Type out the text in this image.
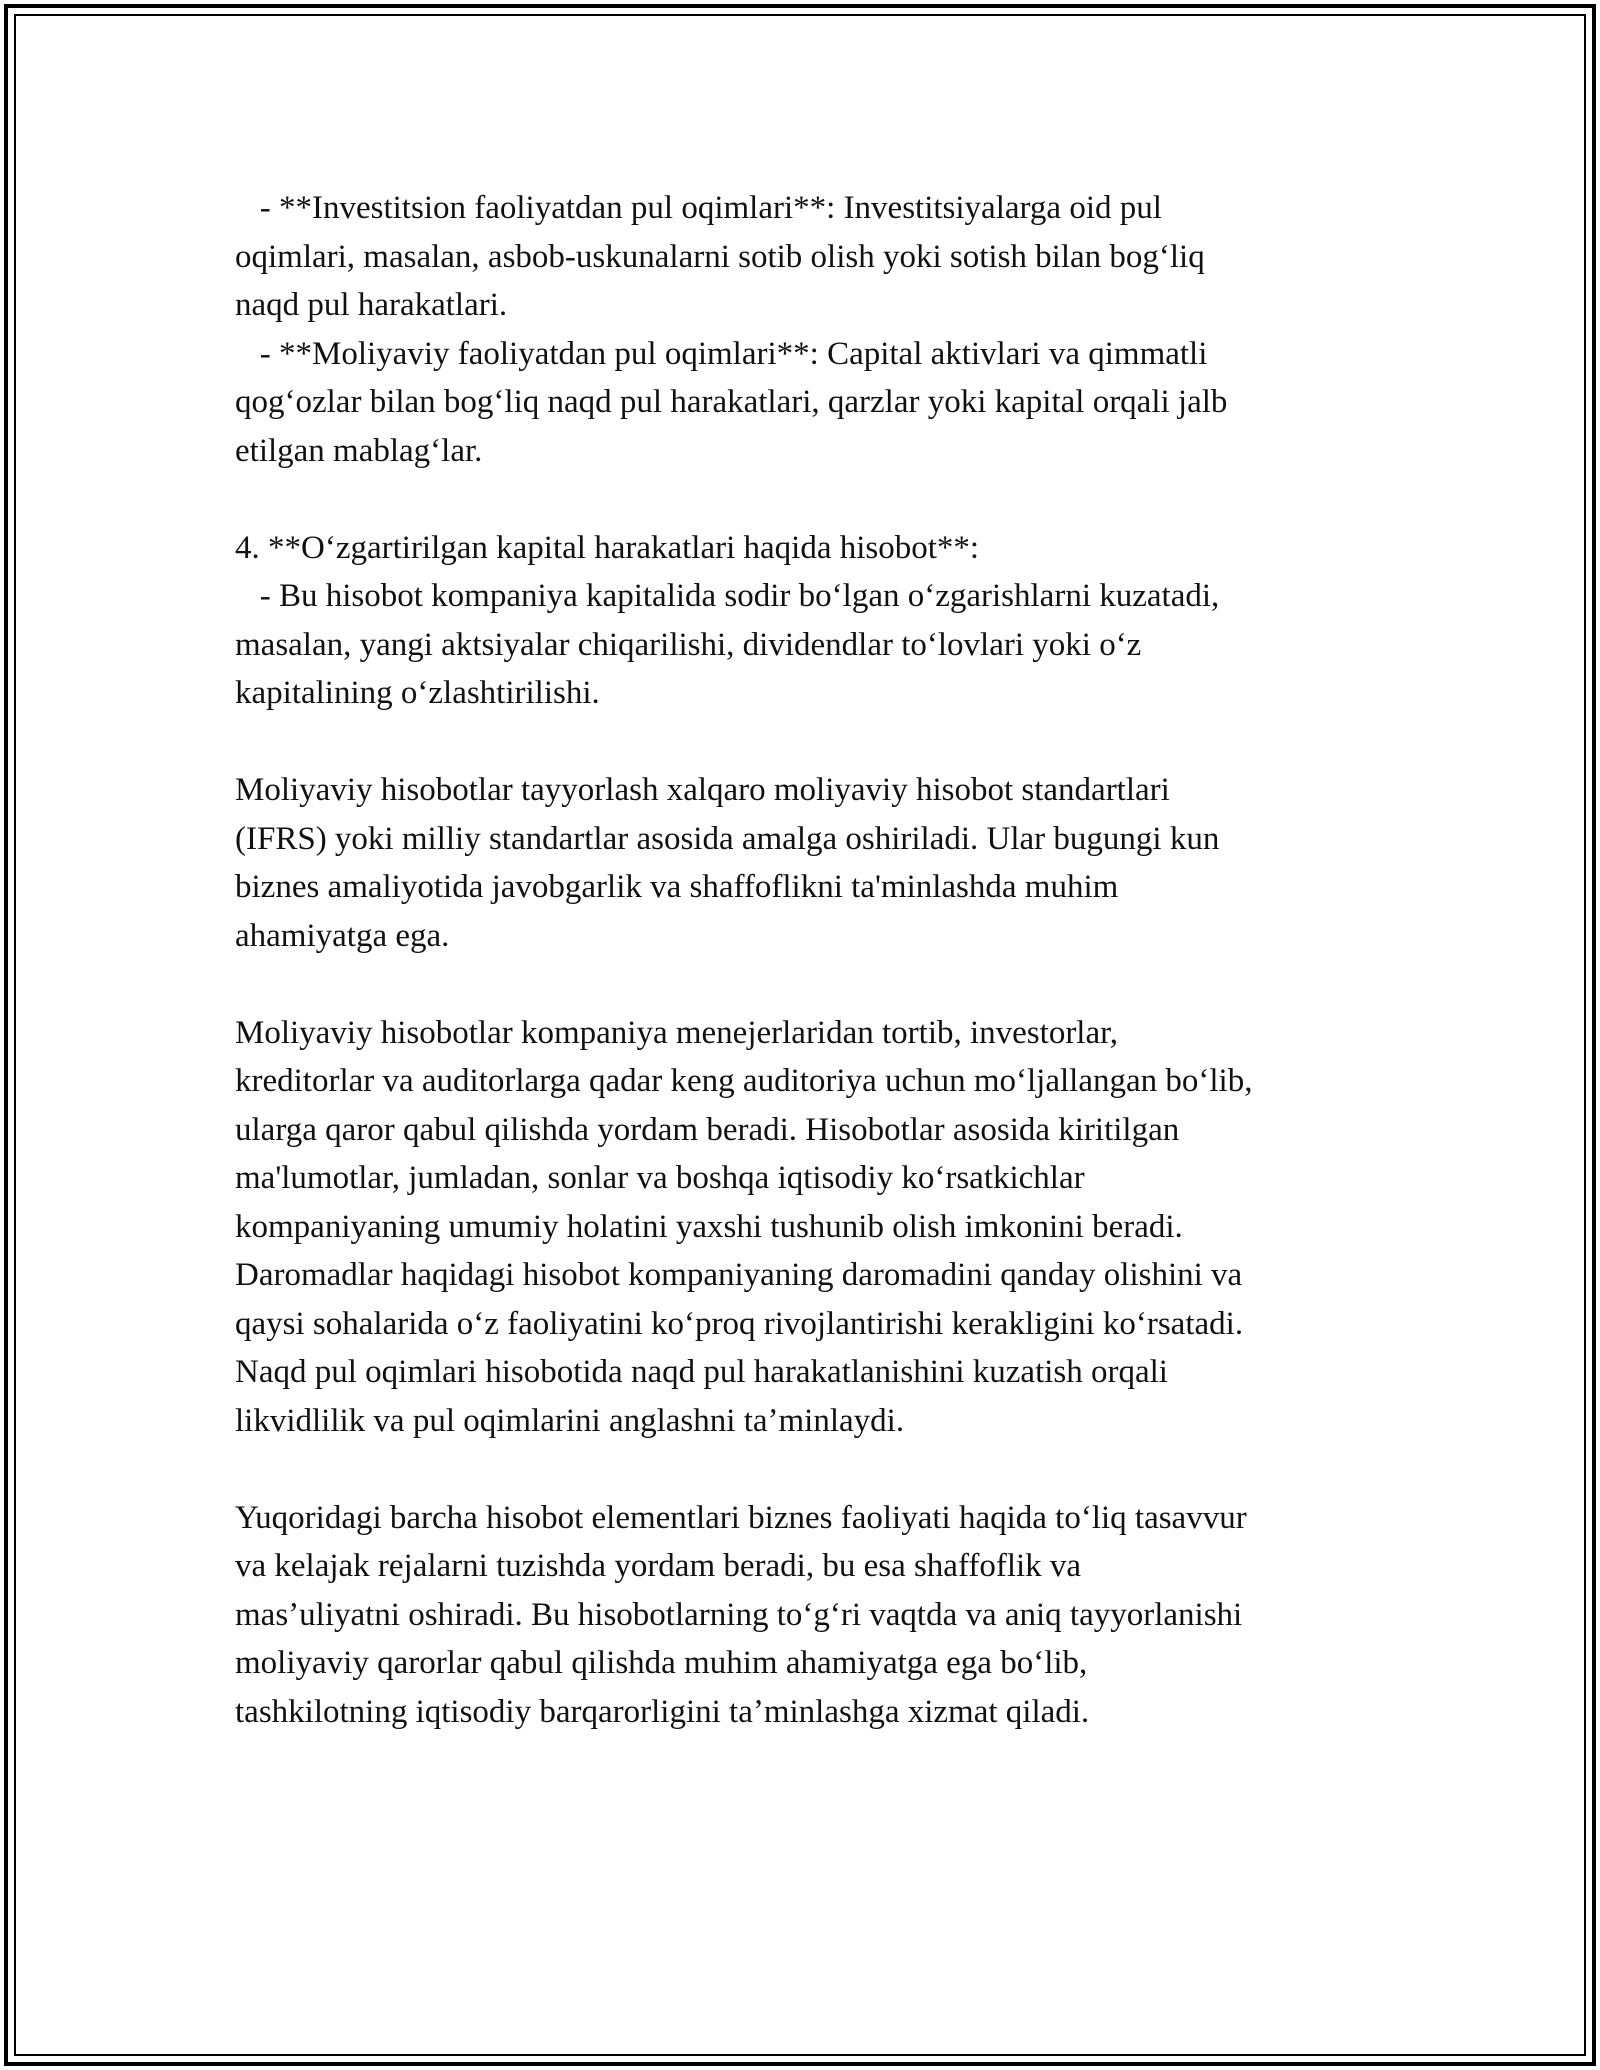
- **Investitsion faoliyatdan pul oqimlari**: Investitsiyalarga oid pul
oqimlari, masalan, asbob-uskunalarni sotib olish yoki sotish bilan bogʻliq
naqd pul harakatlari.
- **Moliyaviy faoliyatdan pul oqimlari**: Capital aktivlari va qimmatli
qogʻozlar bilan bogʻliq naqd pul harakatlari, qarzlar yoki kapital orqali jalb
etilgan mablagʻlar.
4. **Oʻzgartirilgan kapital harakatlari haqida hisobot**:
- Bu hisobot kompaniya kapitalida sodir boʻlgan oʻzgarishlarni kuzatadi,
masalan, yangi aktsiyalar chiqarilishi, dividendlar toʻlovlari yoki oʻz
kapitalining oʻzlashtirilishi.
Moliyaviy hisobotlar tayyorlash xalqaro moliyaviy hisobot standartlari
(IFRS) yoki milliy standartlar asosida amalga oshiriladi. Ular bugungi kun
biznes amaliyotida javobgarlik va shaffoflikni ta'minlashda muhim
ahamiyatga ega.
Moliyaviy hisobotlar kompaniya menejerlaridan tortib, investorlar,
kreditorlar va auditorlarga qadar keng auditoriya uchun moʻljallangan boʻlib,
ularga qaror qabul qilishda yordam beradi. Hisobotlar asosida kiritilgan
ma'lumotlar, jumladan, sonlar va boshqa iqtisodiy koʻrsatkichlar
kompaniyaning umumiy holatini yaxshi tushunib olish imkonini beradi.
Daromadlar haqidagi hisobot kompaniyaning daromadini qanday olishini va
qaysi sohalarida oʻz faoliyatini koʻproq rivojlantirishi kerakligini koʻrsatadi.
Naqd pul oqimlari hisobotida naqd pul harakatlanishini kuzatish orqali
likvidlilik va pul oqimlarini anglashni taʼminlaydi.
Yuqoridagi barcha hisobot elementlari biznes faoliyati haqida toʻliq tasavvur
va kelajak rejalarni tuzishda yordam beradi, bu esa shaffoflik va
masʼuliyatni oshiradi. Bu hisobotlarning toʻgʻri vaqtda va aniq tayyorlanishi
moliyaviy qarorlar qabul qilishda muhim ahamiyatga ega boʻlib,
tashkilotning iqtisodiy barqarorligini taʼminlashga xizmat qiladi.
